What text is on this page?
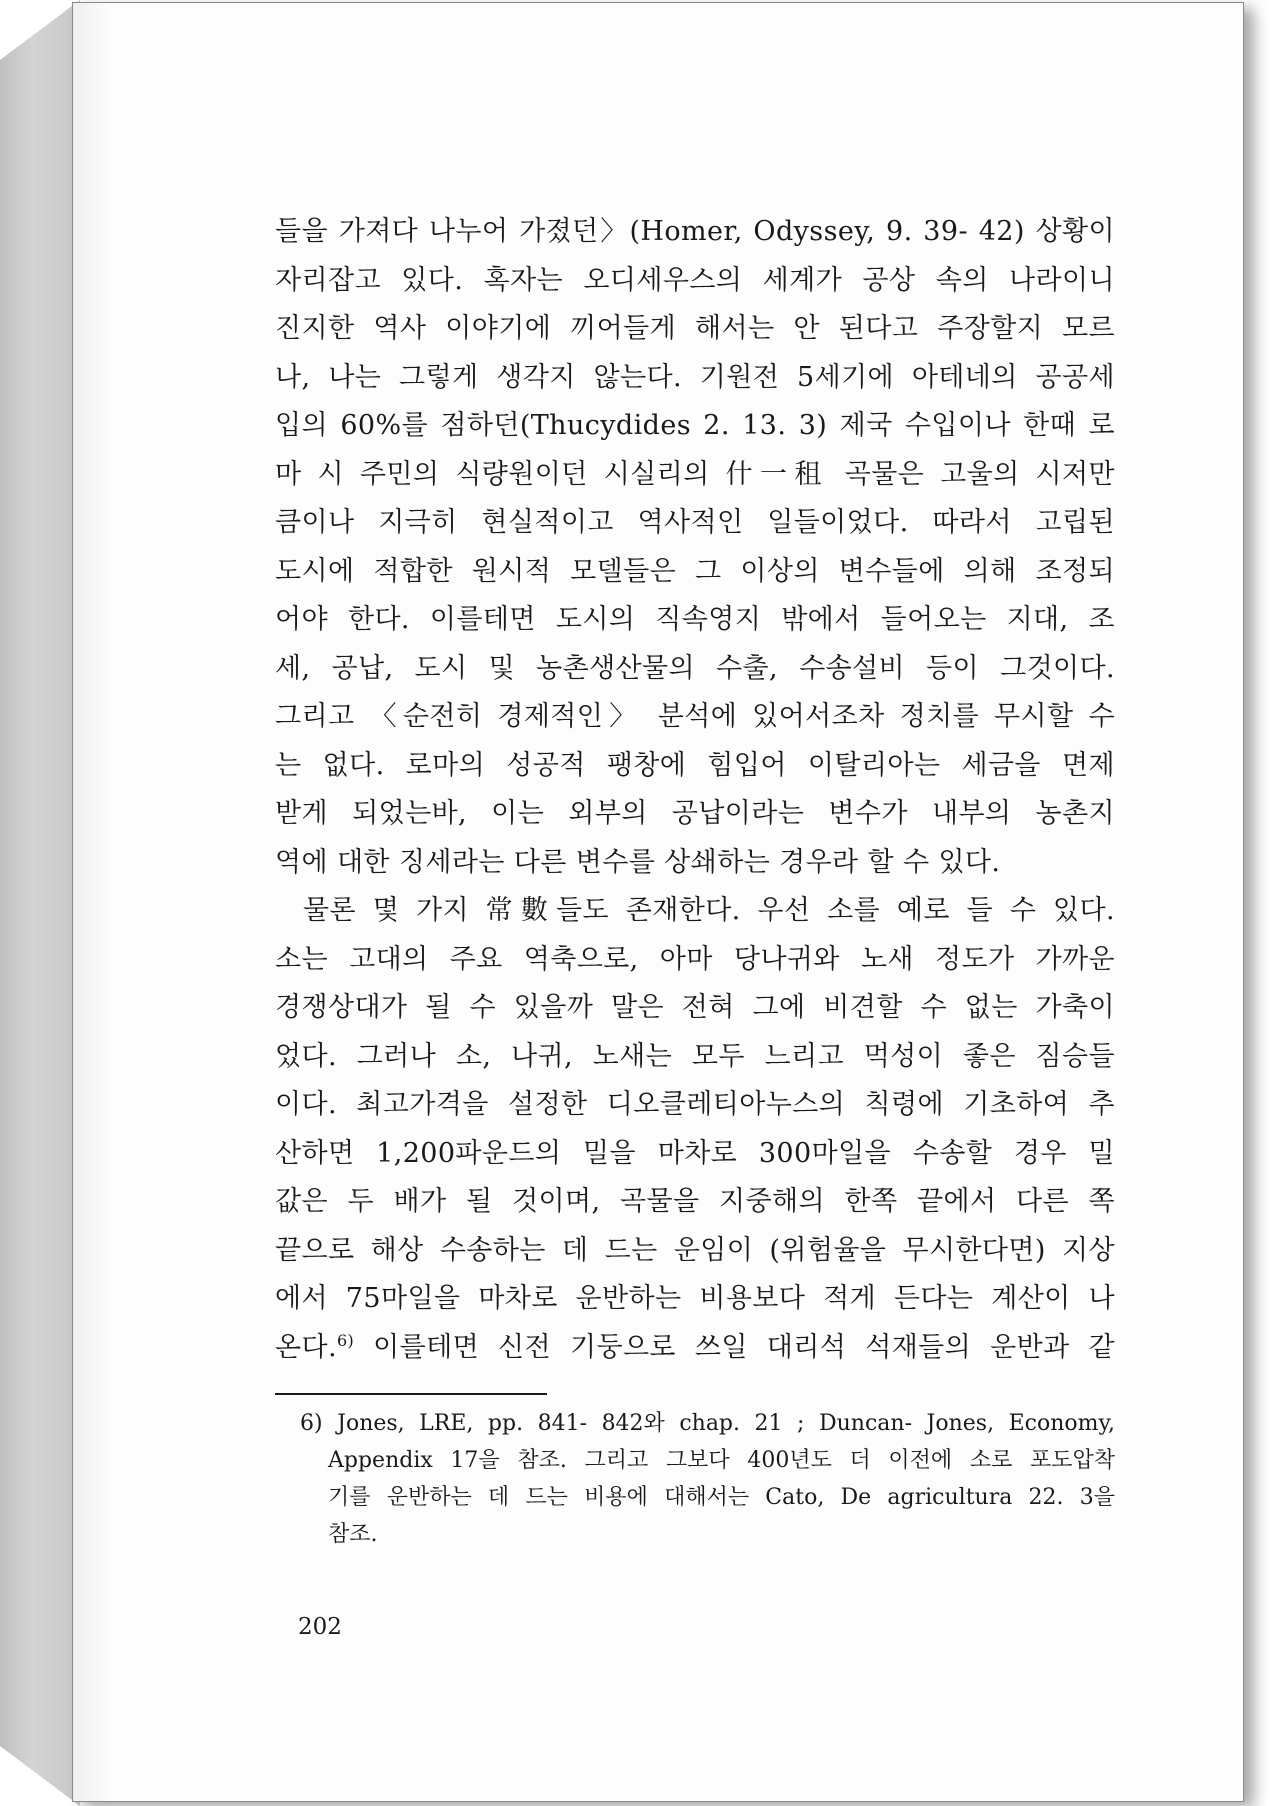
들을 가져다 나누어 가졌던〉(Homer, Odyssey, 9. 39- 42) 상황이
자리잡고 있다. 혹자는 오디세우스의 세계가 공상 속의 나라이니
진지한 역사 이야기에 끼어들게 해서는 안 된다고 주장할지 모르
나, 나는 그렇게 생각지 않는다. 기원전 5세기에 아테네의 공공세
입의 60%를 점하던(Thucydides 2. 13. 3) 제국 수입이나 한때 로
마 시 주민의 식량원이던 시실리의 什一租 곡물은 고울의 시저만
큼이나 지극히 현실적이고 역사적인 일들이었다. 따라서 고립된
도시에 적합한 원시적 모델들은 그 이상의 변수들에 의해 조정되
어야 한다. 이를테면 도시의 직속영지 밖에서 들어오는 지대, 조
세, 공납, 도시 및 농촌생산물의 수출, 수송설비 등이 그것이다.
그리고 〈순전히 경제적인〉 분석에 있어서조차 정치를 무시할 수
는 없다. 로마의 성공적 팽창에 힘입어 이탈리아는 세금을 면제
받게 되었는바, 이는 외부의 공납이라는 변수가 내부의 농촌지
역에 대한 징세라는 다른 변수를 상쇄하는 경우라 할 수 있다.
물론 몇 가지 常數들도 존재한다. 우선 소를 예로 들 수 있다.
소는 고대의 주요 역축으로, 아마 당나귀와 노새 정도가 가까운
경쟁상대가 될 수 있을까 말은 전혀 그에 비견할 수 없는 가축이
었다. 그러나 소, 나귀, 노새는 모두 느리고 먹성이 좋은 짐승들
이다. 최고가격을 설정한 디오클레티아누스의 칙령에 기초하여 추
산하면 1,200파운드의 밀을 마차로 300마일을 수송할 경우 밀
값은 두 배가 될 것이며, 곡물을 지중해의 한쪽 끝에서 다른 쪽
끝으로 해상 수송하는 데 드는 운임이 (위험율을 무시한다면) 지상
에서 75마일을 마차로 운반하는 비용보다 적게 든다는 계산이 나
온다.$^{6)}$ 이를테면 신전 기둥으로 쓰일 대리석 석재들의 운반과 같
6) Jones, LRE, pp. 841- 842와 chap. 21 ; Duncan- Jones, Economy,
Appendix 17을 참조. 그리고 그보다 400년도 더 이전에 소로 포도압착
기를 운반하는 데 드는 비용에 대해서는 Cato, De agricultura 22. 3을
참조.
202
